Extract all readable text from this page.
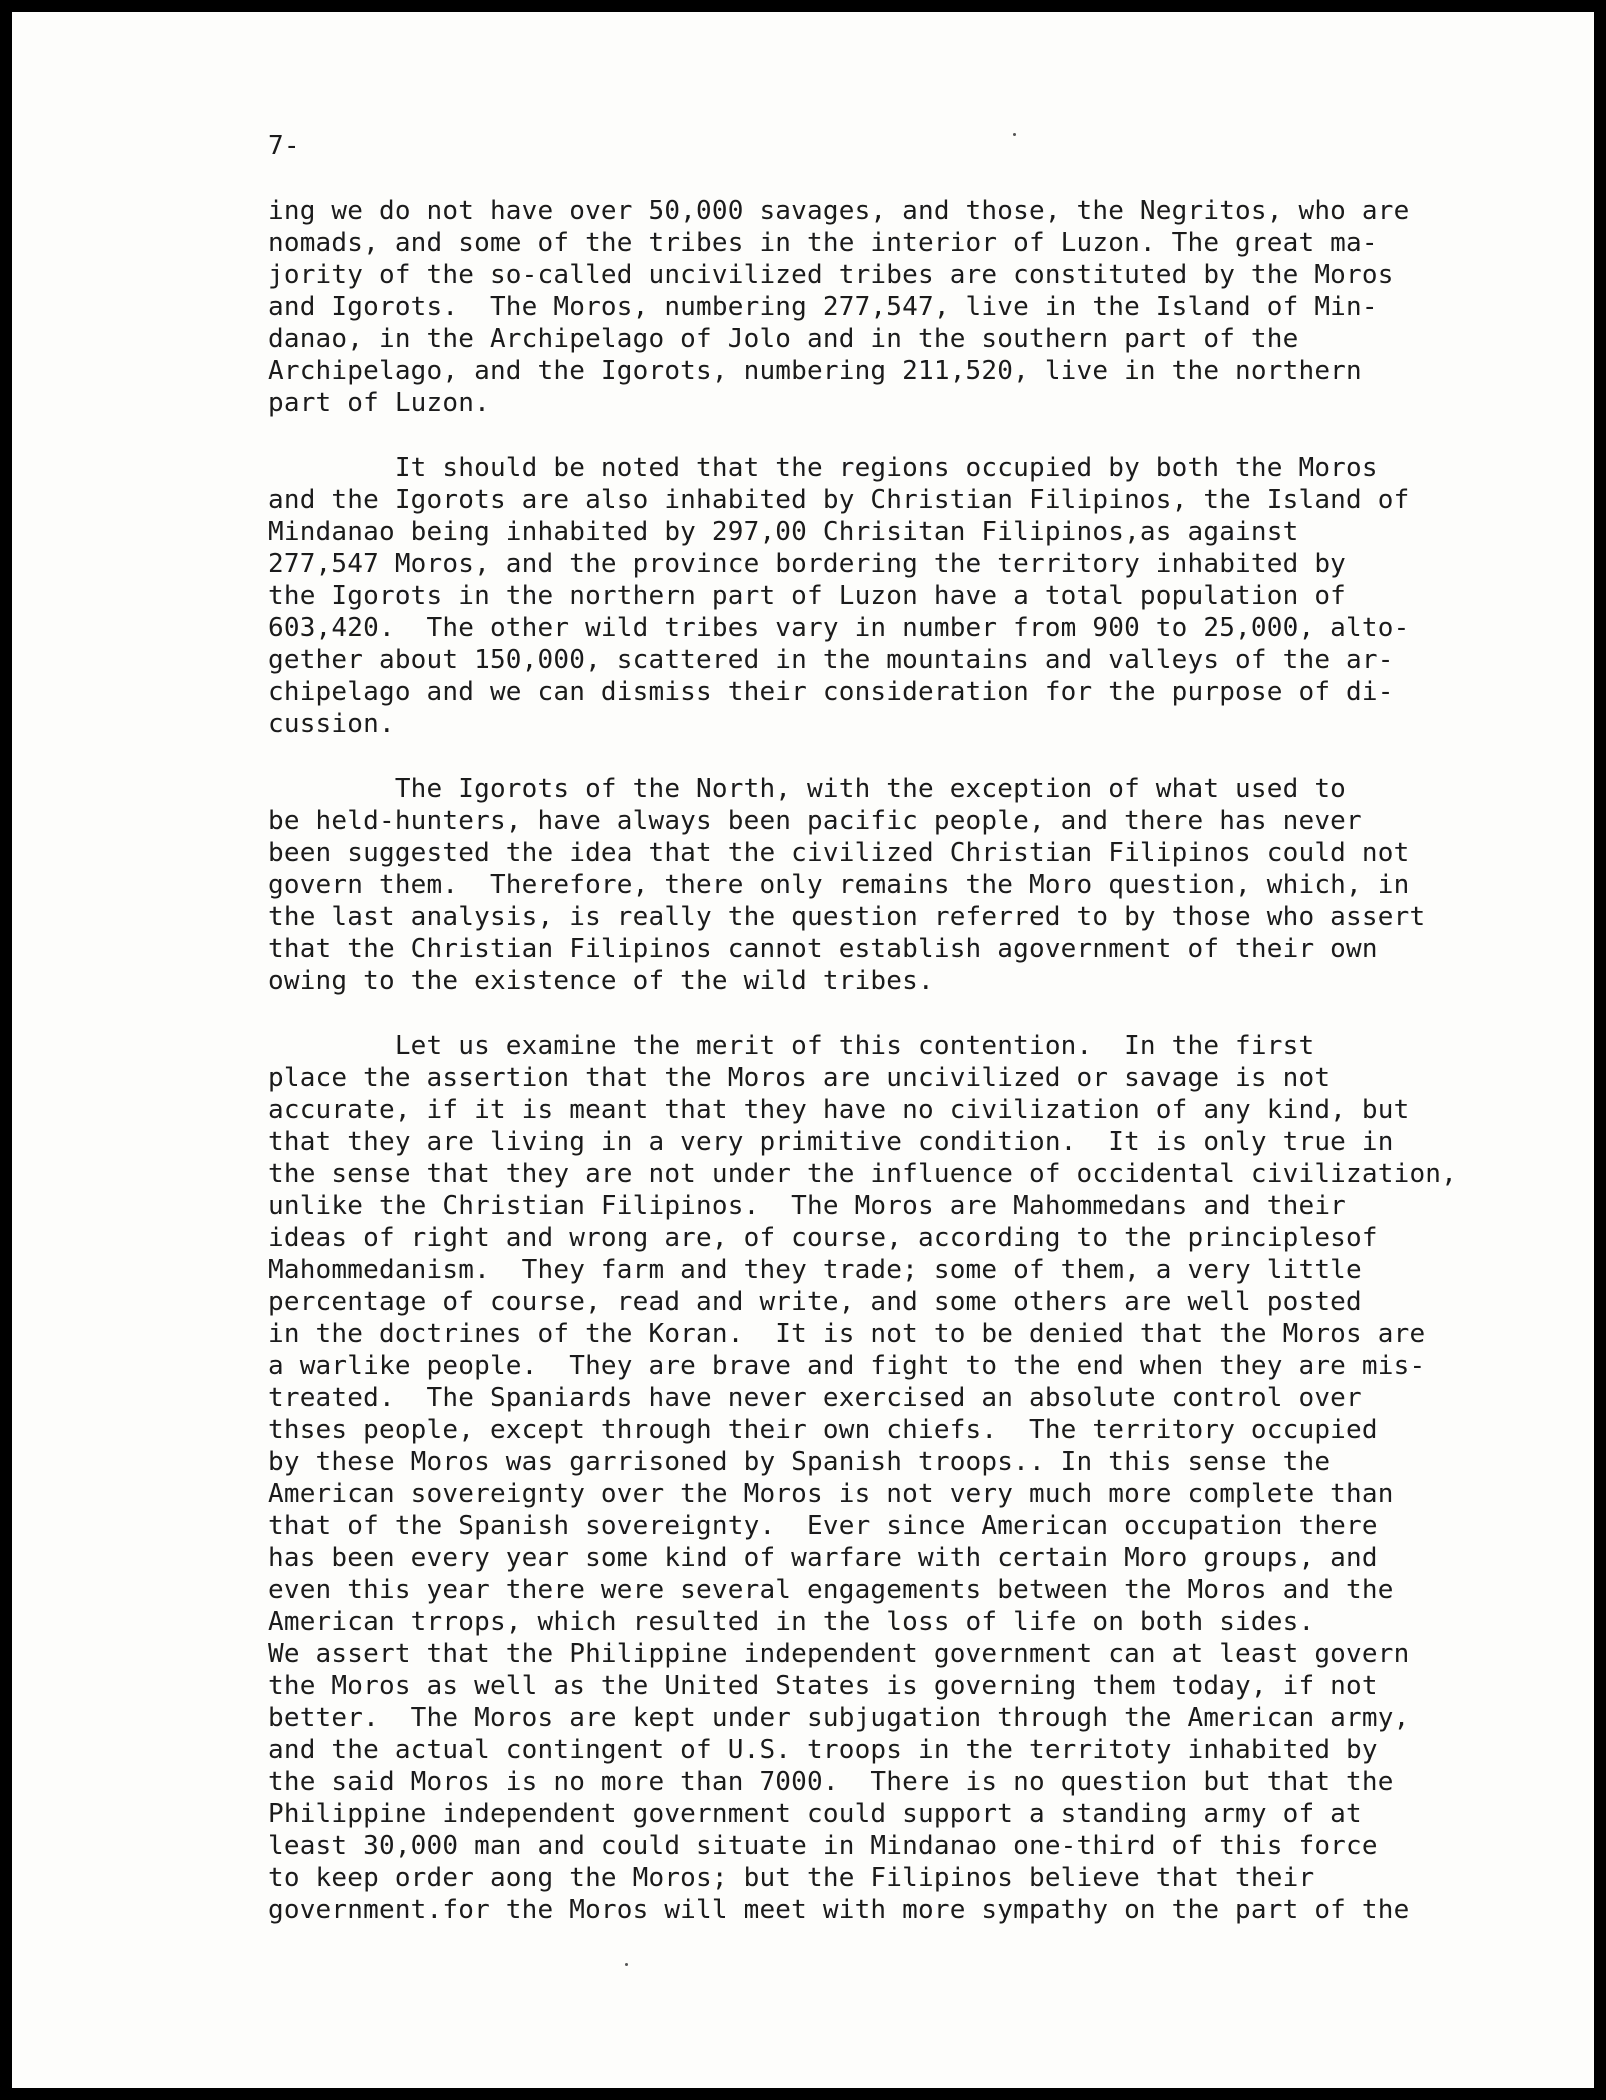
7-
ing we do not have over 50,000 savages, and those, the Negritos, who are
nomads, and some of the tribes in the interior of Luzon. The great ma-
jority of the so-called uncivilized tribes are constituted by the Moros
and Igorots.  The Moros, numbering 277,547, live in the Island of Min-
danao, in the Archipelago of Jolo and in the southern part of the
Archipelago, and the Igorots, numbering 211,520, live in the northern
part of Luzon.
It should be noted that the regions occupied by both the Moros
and the Igorots are also inhabited by Christian Filipinos, the Island of
Mindanao being inhabited by 297,00 Chrisitan Filipinos,as against
277,547 Moros, and the province bordering the territory inhabited by
the Igorots in the northern part of Luzon have a total population of
603,420.  The other wild tribes vary in number from 900 to 25,000, alto-
gether about 150,000, scattered in the mountains and valleys of the ar-
chipelago and we can dismiss their consideration for the purpose of di-
cussion.
The Igorots of the North, with the exception of what used to
be held-hunters, have always been pacific people, and there has never
been suggested the idea that the civilized Christian Filipinos could not
govern them.  Therefore, there only remains the Moro question, which, in
the last analysis, is really the question referred to by those who assert
that the Christian Filipinos cannot establish agovernment of their own
owing to the existence of the wild tribes.
Let us examine the merit of this contention.  In the first
place the assertion that the Moros are uncivilized or savage is not
accurate, if it is meant that they have no civilization of any kind, but
that they are living in a very primitive condition.  It is only true in
the sense that they are not under the influence of occidental civilization,
unlike the Christian Filipinos.  The Moros are Mahommedans and their
ideas of right and wrong are, of course, according to the principlesof
Mahommedanism.  They farm and they trade; some of them, a very little
percentage of course, read and write, and some others are well posted
in the doctrines of the Koran.  It is not to be denied that the Moros are
a warlike people.  They are brave and fight to the end when they are mis-
treated.  The Spaniards have never exercised an absolute control over
thses people, except through their own chiefs.  The territory occupied
by these Moros was garrisoned by Spanish troops.. In this sense the
American sovereignty over the Moros is not very much more complete than
that of the Spanish sovereignty.  Ever since American occupation there
has been every year some kind of warfare with certain Moro groups, and
even this year there were several engagements between the Moros and the
American trrops, which resulted in the loss of life on both sides.
We assert that the Philippine independent government can at least govern
the Moros as well as the United States is governing them today, if not
better.  The Moros are kept under subjugation through the American army,
and the actual contingent of U.S. troops in the territoty inhabited by
the said Moros is no more than 7000.  There is no question but that the
Philippine independent government could support a standing army of at
least 30,000 man and could situate in Mindanao one-third of this force
to keep order aong the Moros; but the Filipinos believe that their
government.for the Moros will meet with more sympathy on the part of the
